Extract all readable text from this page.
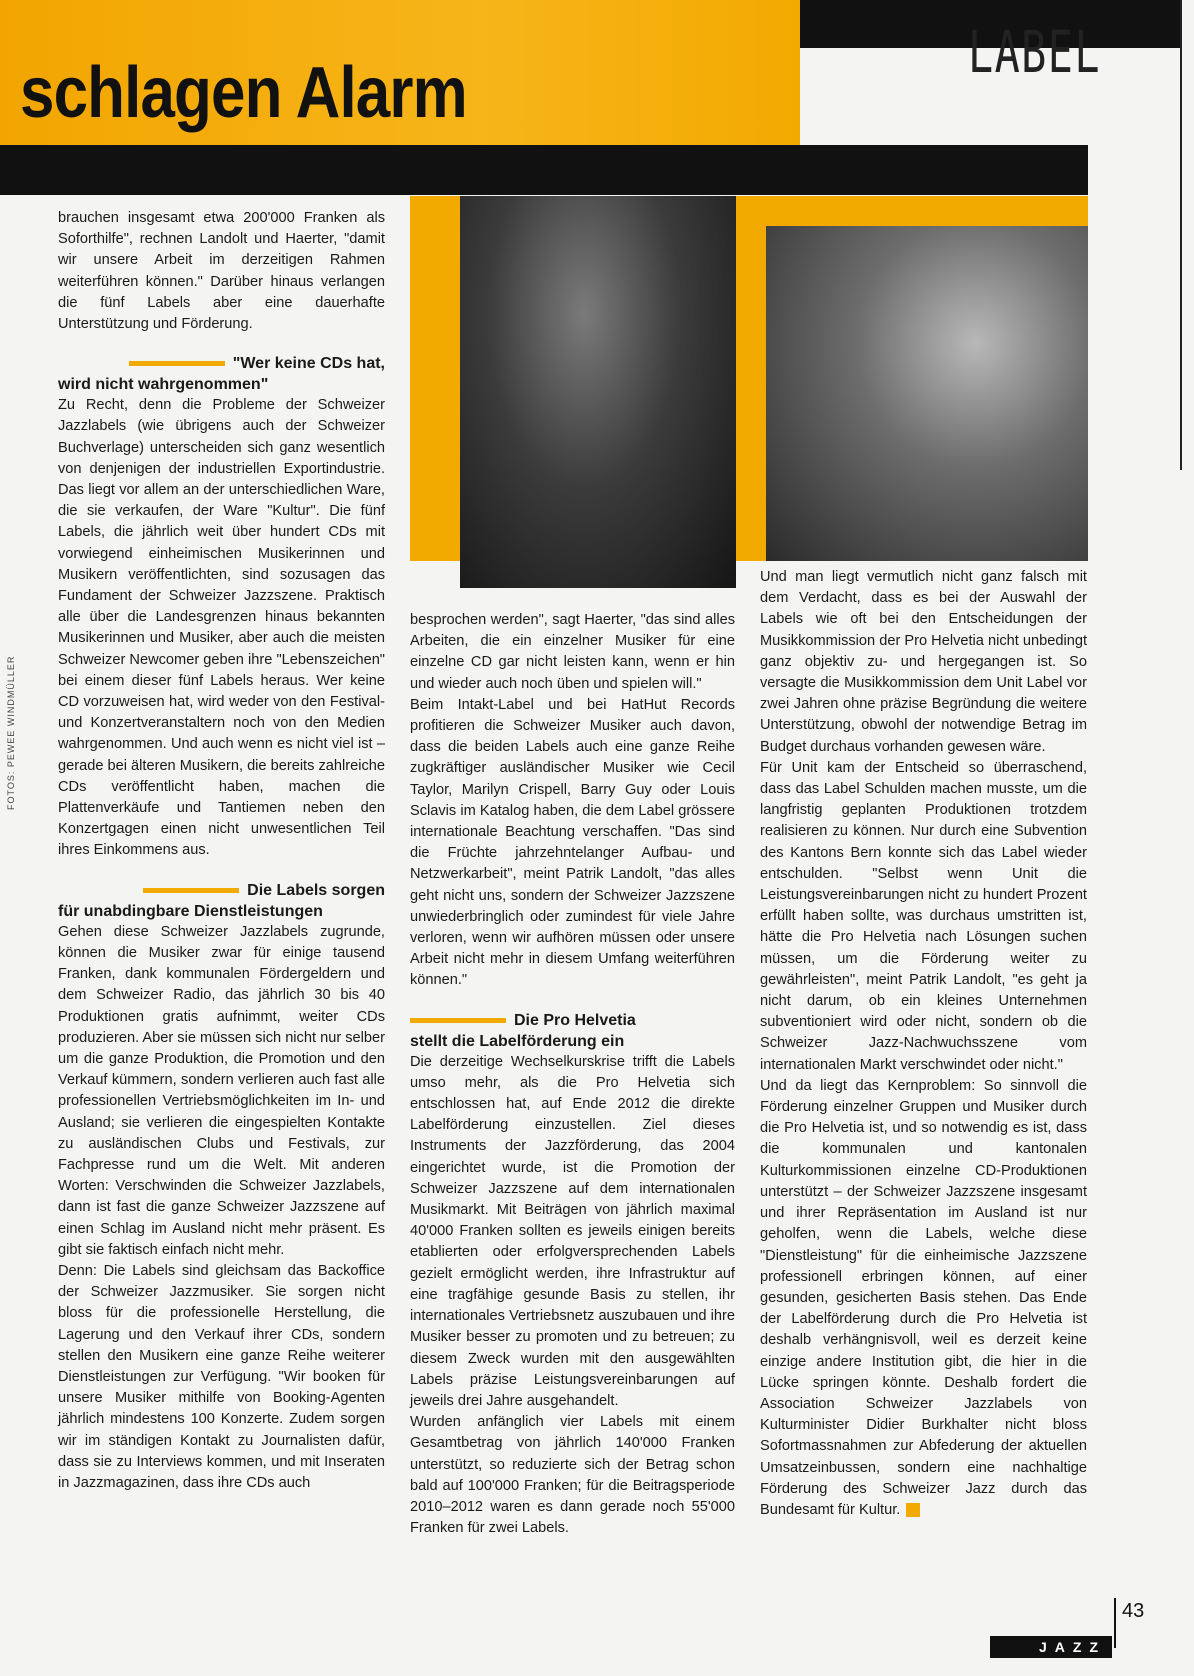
schlagen Alarm
LABEL
FOTOS: PEWEE WINDMÜLLER

brauchen insgesamt etwa 200'000 Franken als Soforthilfe", rechnen Landolt und Haerter, "damit wir unsere Arbeit im derzeitigen Rahmen weiterführen können." Darüber hinaus verlangen die fünf Labels aber eine dauerhafte Unterstützung und Förderung.

"Wer keine CDs hat,
wird nicht wahrgenommen"

Zu Recht, denn die Probleme der Schweizer Jazzlabels (wie übrigens auch der Schweizer Buchverlage) unterscheiden sich ganz wesentlich von denjenigen der industriellen Exportindustrie. Das liegt vor allem an der unterschiedlichen Ware, die sie verkaufen, der Ware "Kultur". Die fünf Labels, die jährlich weit über hundert CDs mit vorwiegend einheimischen Musikerinnen und Musikern veröffentlichten, sind sozusagen das Fundament der Schweizer Jazzszene. Praktisch alle über die Landesgrenzen hinaus bekannten Musikerinnen und Musiker, aber auch die meisten Schweizer Newcomer geben ihre "Lebenszeichen" bei einem dieser fünf Labels heraus. Wer keine CD vorzuweisen hat, wird weder von den Festival- und Konzertveranstaltern noch von den Medien wahrgenommen. Und auch wenn es nicht viel ist – gerade bei älteren Musikern, die bereits zahlreiche CDs veröffentlicht haben, machen die Plattenverkäufe und Tantiemen neben den Konzertgagen einen nicht unwesentlichen Teil ihres Einkommens aus.

Die Labels sorgen
für unabdingbare Dienstleistungen

Gehen diese Schweizer Jazzlabels zugrunde, können die Musiker zwar für einige tausend Franken, dank kommunalen Fördergeldern und dem Schweizer Radio, das jährlich 30 bis 40 Produktionen gratis aufnimmt, weiter CDs produzieren. Aber sie müssen sich nicht nur selber um die ganze Produktion, die Promotion und den Verkauf kümmern, sondern verlieren auch fast alle professionellen Vertriebsmöglichkeiten im In- und Ausland; sie verlieren die eingespielten Kontakte zu ausländischen Clubs und Festivals, zur Fachpresse rund um die Welt. Mit anderen Worten: Verschwinden die Schweizer Jazzlabels, dann ist fast die ganze Schweizer Jazzszene auf einen Schlag im Ausland nicht mehr präsent. Es gibt sie faktisch einfach nicht mehr.

Denn: Die Labels sind gleichsam das Backoffice der Schweizer Jazzmusiker. Sie sorgen nicht bloss für die professionelle Herstellung, die Lagerung und den Verkauf ihrer CDs, sondern stellen den Musikern eine ganze Reihe weiterer Dienstleistungen zur Verfügung. "Wir booken für unsere Musiker mithilfe von Booking-Agenten jährlich mindestens 100 Konzerte. Zudem sorgen wir im ständigen Kontakt zu Journalisten dafür, dass sie zu Interviews kommen, und mit Inseraten in Jazzmagazinen, dass ihre CDs auch

besprochen werden", sagt Haerter, "das sind alles Arbeiten, die ein einzelner Musiker für eine einzelne CD gar nicht leisten kann, wenn er hin und wieder auch noch üben und spielen will."

Beim Intakt-Label und bei HatHut Records profitieren die Schweizer Musiker auch davon, dass die beiden Labels auch eine ganze Reihe zugkräftiger ausländischer Musiker wie Cecil Taylor, Marilyn Crispell, Barry Guy oder Louis Sclavis im Katalog haben, die dem Label grössere internationale Beachtung verschaffen. "Das sind die Früchte jahrzehntelanger Aufbau- und Netzwerkarbeit", meint Patrik Landolt, "das alles geht nicht uns, sondern der Schweizer Jazzszene unwiederbringlich oder zumindest für viele Jahre verloren, wenn wir aufhören müssen oder unsere Arbeit nicht mehr in diesem Umfang weiterführen können."

Die Pro Helvetia
stellt die Labelförderung ein

Die derzeitige Wechselkurskrise trifft die Labels umso mehr, als die Pro Helvetia sich entschlossen hat, auf Ende 2012 die direkte Labelförderung einzustellen. Ziel dieses Instruments der Jazzförderung, das 2004 eingerichtet wurde, ist die Promotion der Schweizer Jazzszene auf dem internationalen Musikmarkt. Mit Beiträgen von jährlich maximal 40'000 Franken sollten es jeweils einigen bereits etablierten oder erfolgversprechenden Labels gezielt ermöglicht werden, ihre Infrastruktur auf eine tragfähige gesunde Basis zu stellen, ihr internationales Vertriebsnetz auszubauen und ihre Musiker besser zu promoten und zu betreuen; zu diesem Zweck wurden mit den ausgewählten Labels präzise Leistungsvereinbarungen auf jeweils drei Jahre ausgehandelt.

Wurden anfänglich vier Labels mit einem Gesamtbetrag von jährlich 140'000 Franken unterstützt, so reduzierte sich der Betrag schon bald auf 100'000 Franken; für die Beitragsperiode 2010–2012 waren es dann gerade noch 55'000 Franken für zwei Labels.

Und man liegt vermutlich nicht ganz falsch mit dem Verdacht, dass es bei der Auswahl der Labels wie oft bei den Entscheidungen der Musikkommission der Pro Helvetia nicht unbedingt ganz objektiv zu- und hergegangen ist. So versagte die Musikkommission dem Unit Label vor zwei Jahren ohne präzise Begründung die weitere Unterstützung, obwohl der notwendige Betrag im Budget durchaus vorhanden gewesen wäre.

Für Unit kam der Entscheid so überraschend, dass das Label Schulden machen musste, um die langfristig geplanten Produktionen trotzdem realisieren zu können. Nur durch eine Subvention des Kantons Bern konnte sich das Label wieder entschulden. "Selbst wenn Unit die Leistungsvereinbarungen nicht zu hundert Prozent erfüllt haben sollte, was durchaus umstritten ist, hätte die Pro Helvetia nach Lösungen suchen müssen, um die Förderung weiter zu gewährleisten", meint Patrik Landolt, "es geht ja nicht darum, ob ein kleines Unternehmen subventioniert wird oder nicht, sondern ob die Schweizer Jazz-Nachwuchsszene vom internationalen Markt verschwindet oder nicht."

Und da liegt das Kernproblem: So sinnvoll die Förderung einzelner Gruppen und Musiker durch die Pro Helvetia ist, und so notwendig es ist, dass die kommunalen und kantonalen Kulturkommissionen einzelne CD-Produktionen unterstützt – der Schweizer Jazzszene insgesamt und ihrer Repräsentation im Ausland ist nur geholfen, wenn die Labels, welche diese "Dienstleistung" für die einheimische Jazzszene professionell erbringen können, auf einer gesunden, gesicherten Basis stehen. Das Ende der Labelförderung durch die Pro Helvetia ist deshalb verhängnisvoll, weil es derzeit keine einzige andere Institution gibt, die hier in die Lücke springen könnte. Deshalb fordert die Association Schweizer Jazzlabels von Kulturminister Didier Burkhalter nicht bloss Sofortmassnahmen zur Abfederung der aktuellen Umsatzeinbussen, sondern eine nachhaltige Förderung des Schweizer Jazz durch das Bundesamt für Kultur.

43
JAZZ
